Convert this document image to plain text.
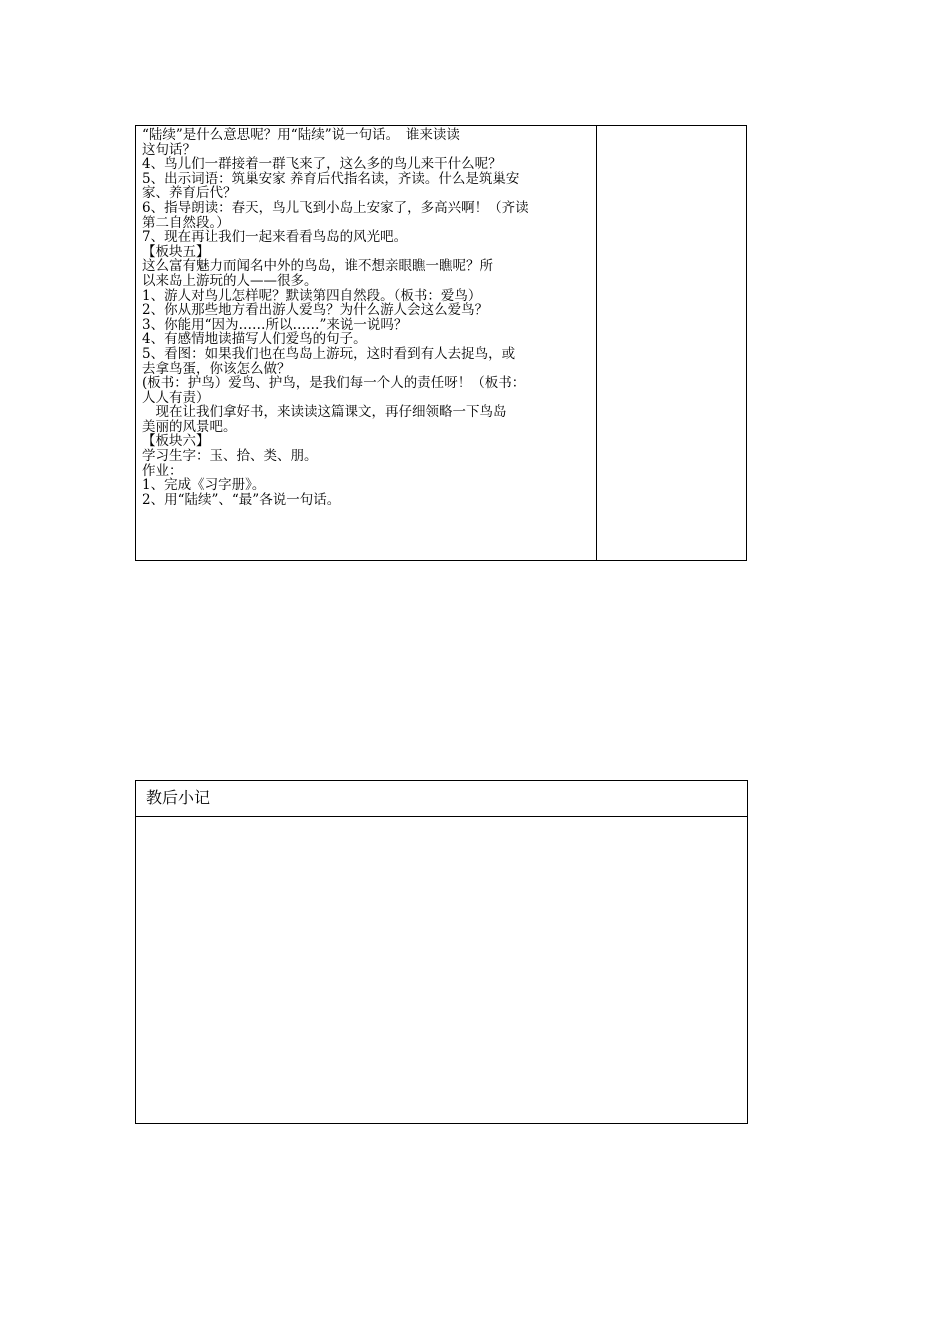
“陆续”是什么意思呢？用“陆续”说一句话。　谁来读读
这句话？
4、鸟儿们一群接着一群飞来了，这么多的鸟儿来干什么呢？
5、出示词语：筑巢安家 养育后代指名读，齐读。什么是筑巢安
家、养育后代？
6、指导朗读：春天，鸟儿飞到小岛上安家了，多高兴啊！（齐读
第二自然段。）
7、现在再让我们一起来看看鸟岛的风光吧。
【板块五】
这么富有魅力而闻名中外的鸟岛，谁不想亲眼瞧一瞧呢？所
以来岛上游玩的人——很多。
1、游人对鸟儿怎样呢？默读第四自然段。（板书：爱鸟）
2、你从那些地方看出游人爱鸟？为什么游人会这么爱鸟？
3、你能用“因为……所以……”来说一说吗？
4、有感情地读描写人们爱鸟的句子。
5、看图：如果我们也在鸟岛上游玩，这时看到有人去捉鸟，或
去拿鸟蛋，你该怎么做？
(板书：护鸟）爱鸟、护鸟，是我们每一个人的责任呀！（板书：
人人有责）
　现在让我们拿好书，来读读这篇课文，再仔细领略一下鸟岛
美丽的风景吧。
【板块六】
学习生字：玉、拾、类、朋。
作业：
1、完成《习字册》。
2、用“陆续”、“最”各说一句话。
教后小记
